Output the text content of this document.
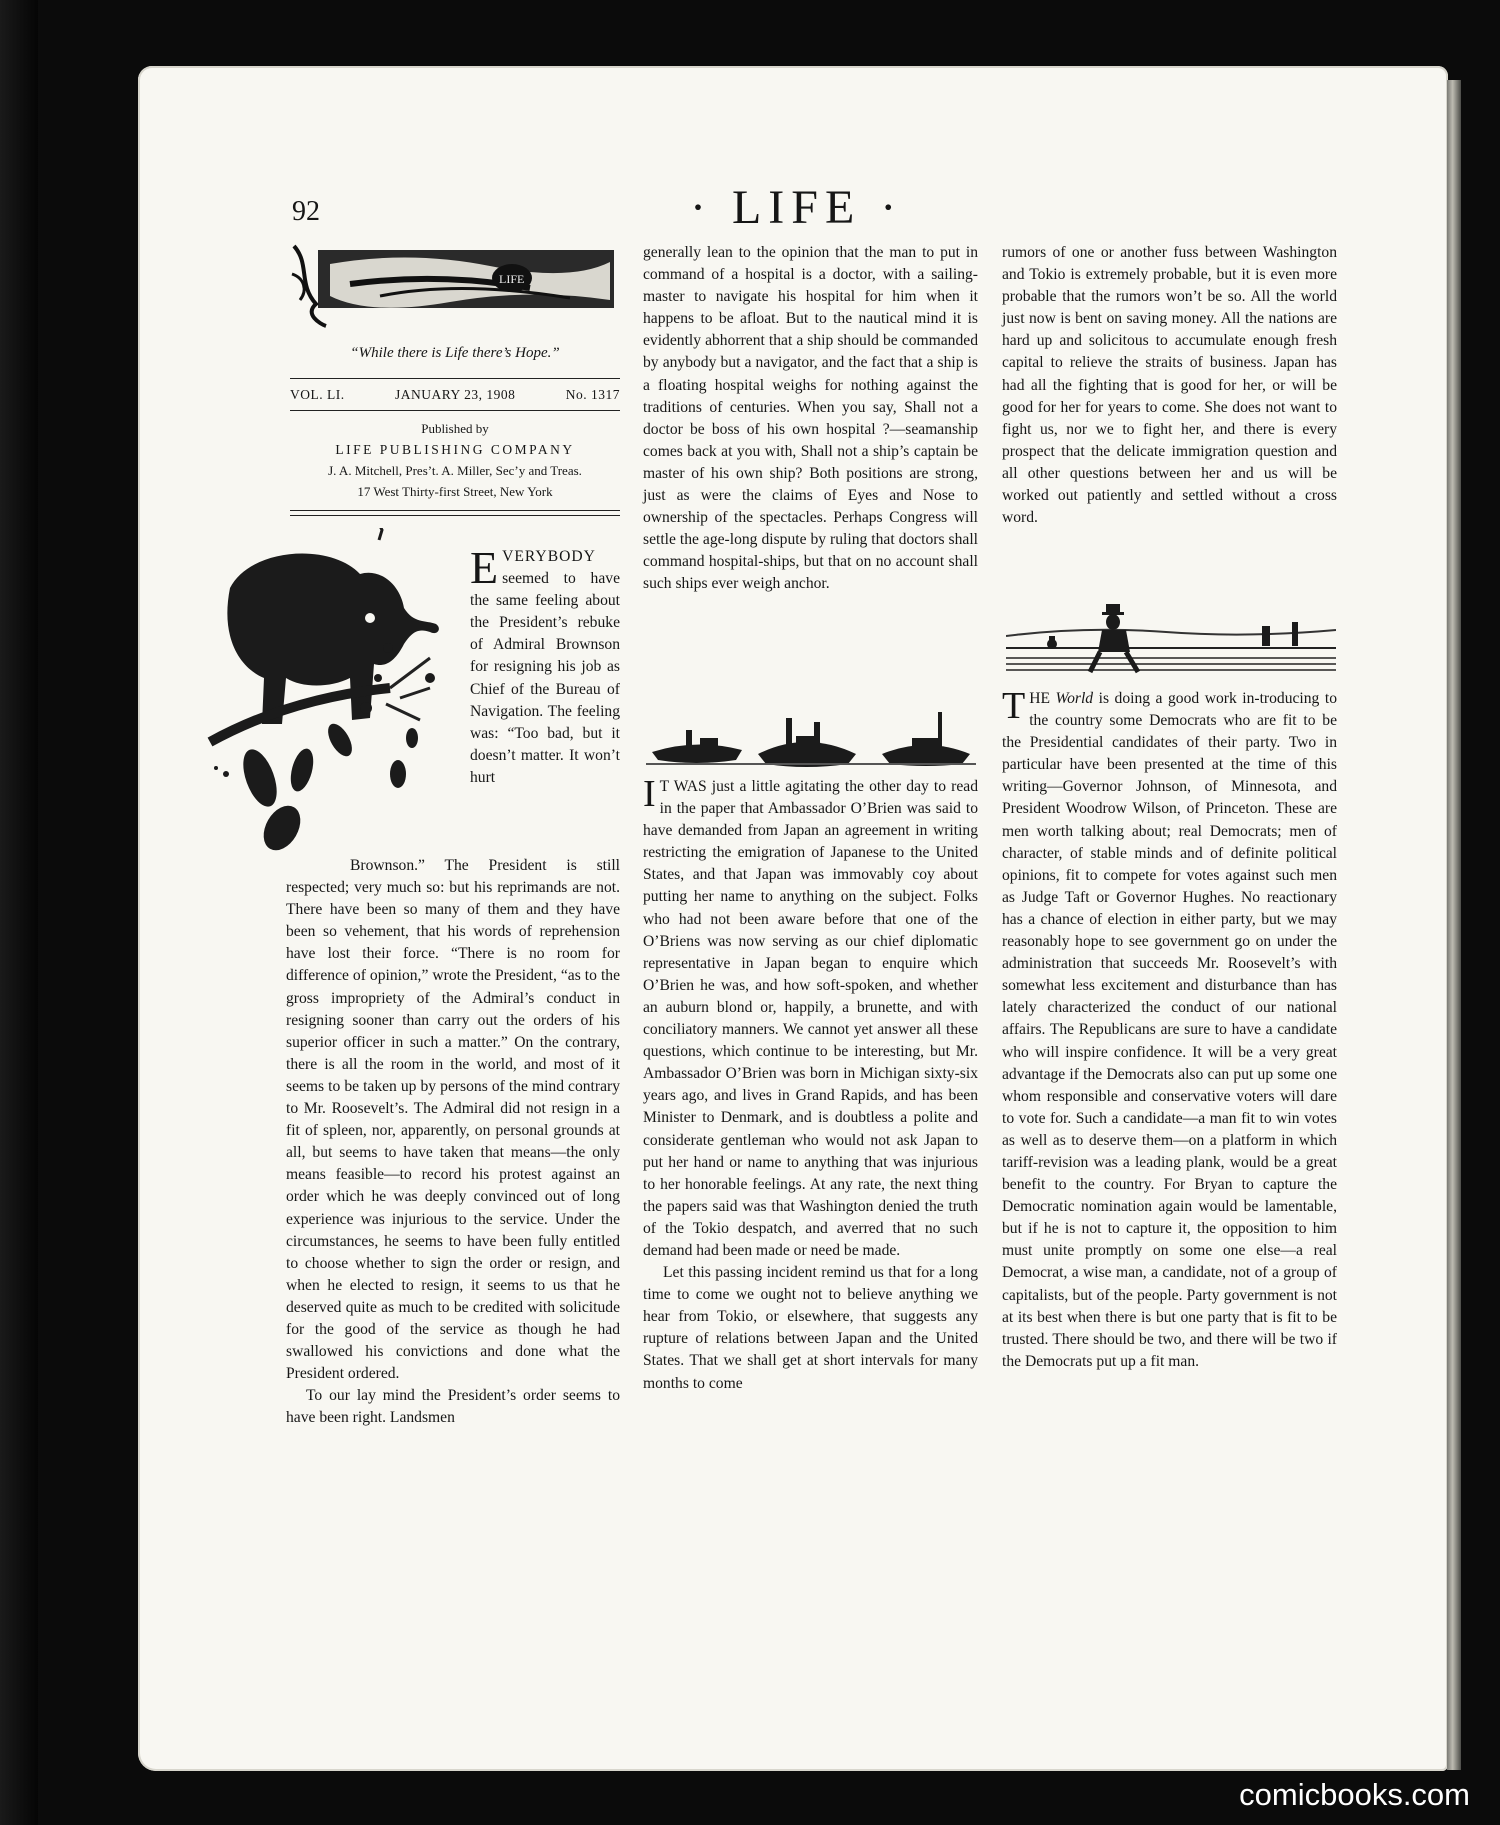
92	· LIFE ·
LIFE
“While there is Life there’s Hope.”
VOL. LI.	JANUARY 23, 1908	No. 1317
Published by
LIFE PUBLISHING COMPANY
J. A. Mitchell, Pres’t. A. Miller, Sec’y and Treas.
17 West Thirty-first Street, New York

EVERYBODY seemed to have the same feeling about the President’s rebuke of Admiral Brownson for resigning his job as Chief of the Bureau of Navigation. The feeling was: “Too bad, but it doesn’t matter. It won’t hurt

Brownson.” The President is still respected; very much so: but his reprimands are not. There have been so many of them and they have been so vehement, that his words of reprehension have lost their force. “There is no room for difference of opinion,” wrote the President, “as to the gross impropriety of the Admiral’s conduct in resigning sooner than carry out the orders of his superior officer in such a matter.” On the contrary, there is all the room in the world, and most of it seems to be taken up by persons of the mind contrary to Mr. Roosevelt’s. The Admiral did not resign in a fit of spleen, nor, apparently, on personal grounds at all, but seems to have taken that means—the only means feasible—to record his protest against an order which he was deeply convinced out of long experience was injurious to the service. Under the circumstances, he seems to have been fully entitled to choose whether to sign the order or resign, and when he elected to resign, it seems to us that he deserved quite as much to be credited with solicitude for the good of the service as though he had swallowed his convictions and done what the President ordered.

To our lay mind the President’s order seems to have been right. Landsmen

generally lean to the opinion that the man to put in command of a hospital is a doctor, with a sailing-master to navigate his hospital for him when it happens to be afloat. But to the nautical mind it is evidently abhorrent that a ship should be commanded by anybody but a navigator, and the fact that a ship is a floating hospital weighs for nothing against the traditions of centuries. When you say, Shall not a doctor be boss of his own hospital ?—seamanship comes back at you with, Shall not a ship’s captain be master of his own ship? Both positions are strong, just as were the claims of Eyes and Nose to ownership of the spectacles. Perhaps Congress will settle the age-long dispute by ruling that doctors shall command hospital-ships, but that on no account shall such ships ever weigh anchor.

I T WAS just a little agitating the other day to read in the paper that Ambassador O’Brien was said to have demanded from Japan an agreement in writing restricting the emigration of Japanese to the United States, and that Japan was immovably coy about putting her name to anything on the subject. Folks who had not been aware before that one of the O’Briens was now serving as our chief diplomatic representative in Japan began to enquire which O’Brien he was, and how soft-spoken, and whether an auburn blond or, happily, a brunette, and with conciliatory manners. We cannot yet answer all these questions, which continue to be interesting, but Mr. Ambassador O’Brien was born in Michigan sixty-six years ago, and lives in Grand Rapids, and has been Minister to Denmark, and is doubtless a polite and considerate gentleman who would not ask Japan to put her hand or name to anything that was injurious to her honorable feelings. At any rate, the next thing the papers said was that Washington denied the truth of the Tokio despatch, and averred that no such demand had been made or need be made.

Let this passing incident remind us that for a long time to come we ought not to believe anything we hear from Tokio, or elsewhere, that suggests any rupture of relations between Japan and the United States. That we shall get at short intervals for many months to come

rumors of one or another fuss between Washington and Tokio is extremely probable, but it is even more probable that the rumors won’t be so. All the world just now is bent on saving money. All the nations are hard up and solicitous to accumulate enough fresh capital to relieve the straits of business. Japan has had all the fighting that is good for her, or will be good for her for years to come. She does not want to fight us, nor we to fight her, and there is every prospect that the delicate immigration question and all other questions between her and us will be worked out patiently and settled without a cross word.

THE World is doing a good work in-troducing to the country some Democrats who are fit to be the Presidential candidates of their party. Two in particular have been presented at the time of this writing—Governor Johnson, of Minnesota, and President Woodrow Wilson, of Princeton. These are men worth talking about; real Democrats; men of character, of stable minds and of definite political opinions, fit to compete for votes against such men as Judge Taft or Governor Hughes. No reactionary has a chance of election in either party, but we may reasonably hope to see government go on under the administration that succeeds Mr. Roosevelt’s with somewhat less excitement and disturbance than has lately characterized the conduct of our national affairs. The Republicans are sure to have a candidate who will inspire confidence. It will be a very great advantage if the Democrats also can put up some one whom responsible and conservative voters will dare to vote for. Such a candidate—a man fit to win votes as well as to deserve them—on a platform in which tariff-revision was a leading plank, would be a great benefit to the country. For Bryan to capture the Democratic nomination again would be lamentable, but if he is not to capture it, the opposition to him must unite promptly on some one else—a real Democrat, a wise man, a candidate, not of a group of capitalists, but of the people. Party government is not at its best when there is but one party that is fit to be trusted. There should be two, and there will be two if the Democrats put up a fit man.

comicbooks.com
